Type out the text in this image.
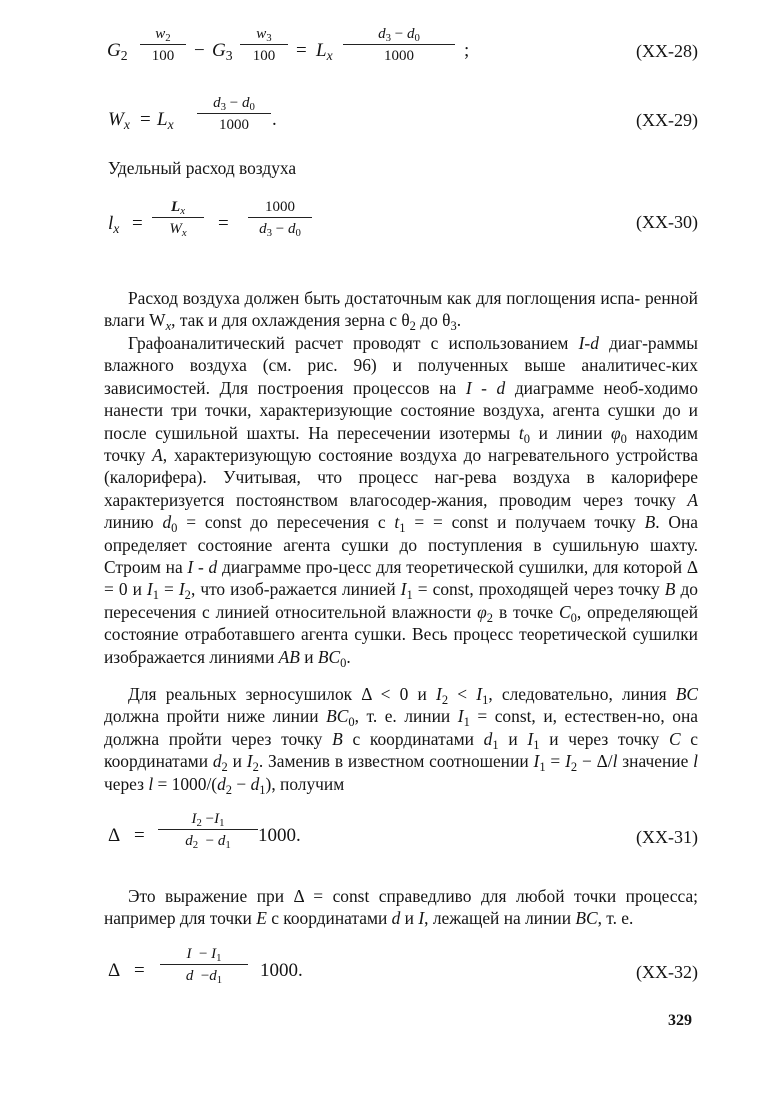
$G_2$
$w_2$
100	− $G_3$
$w_3$
100	= $L_x$
$d_3 - d_0$
1000	;	(XX-28)
$W_x = L_x$
$d_3 - d_0$
1000	.	(XX-29)
Удельный расход воздуха
$l_x$ =
$L_x$
$W_x$	=
1000
$d_3 - d_0$
(XX-30)

Расход воздуха должен быть достаточным как для поглощения испа- ренной влаги $W_x$, так и для охлаждения зерна с $\theta_2$ до $\theta_3$.

Графоаналитический расчет проводят с использованием I-d диаг-раммы влажного воздуха (см. рис. 96) и полученных выше аналитичес-ких зависимостей. Для построения процессов на I - d диаграмме необ-ходимо нанести три точки, характеризующие состояние воздуха, агента сушки до и после сушильной шахты. На пересечении изотермы $t_0$ и линии $\varphi_0$ находим точку A, характеризующую состояние воздуха до нагревательного устройства (калорифера). Учитывая, что процесс наг-рева воздуха в калорифере характеризуется постоянством влагосодер-жания, проводим через точку A линию $d_0$ = const до пересечения с $t_1$ = = const и получаем точку B. Она определяет состояние агента сушки до поступления в сушильную шахту. Строим на I - d диаграмме про-цесс для теоретической сушилки, для которой Δ = 0 и $I_1 = I_2$, что изоб-ражается линией $I_1$ = const, проходящей через точку B до пересечения с линией относительной влажности $\varphi_2$ в точке $C_0$, определяющей состояние отработавшего агента сушки. Весь процесс теоретической сушилки изображается линиями AB и $BC_0$.

Для реальных зерносушилок Δ < 0 и $I_2 < I_1$, следовательно, линия BC должна пройти ниже линии $BC_0$, т. е. линии $I_1$ = const, и, естествен-но, она должна пройти через точку B с координатами $d_1$ и $I_1$ и через точку C с координатами $d_2$ и $I_2$. Заменив в известном соотношении $I_1 = I_2 - \Delta/l$ значение l через $l = 1000/(d_2 - d_1)$, получим

Δ =
$I_2 -I_1$
$d_2 - d_1$	1000.	(XX-31)

Это выражение при Δ = const справедливо для любой точки процесса; например для точки E с координатами d и I, лежащей на линии BC, т. е.

Δ =
$I - I_1$
$d -d_1$	1000.	(XX-32)
329
